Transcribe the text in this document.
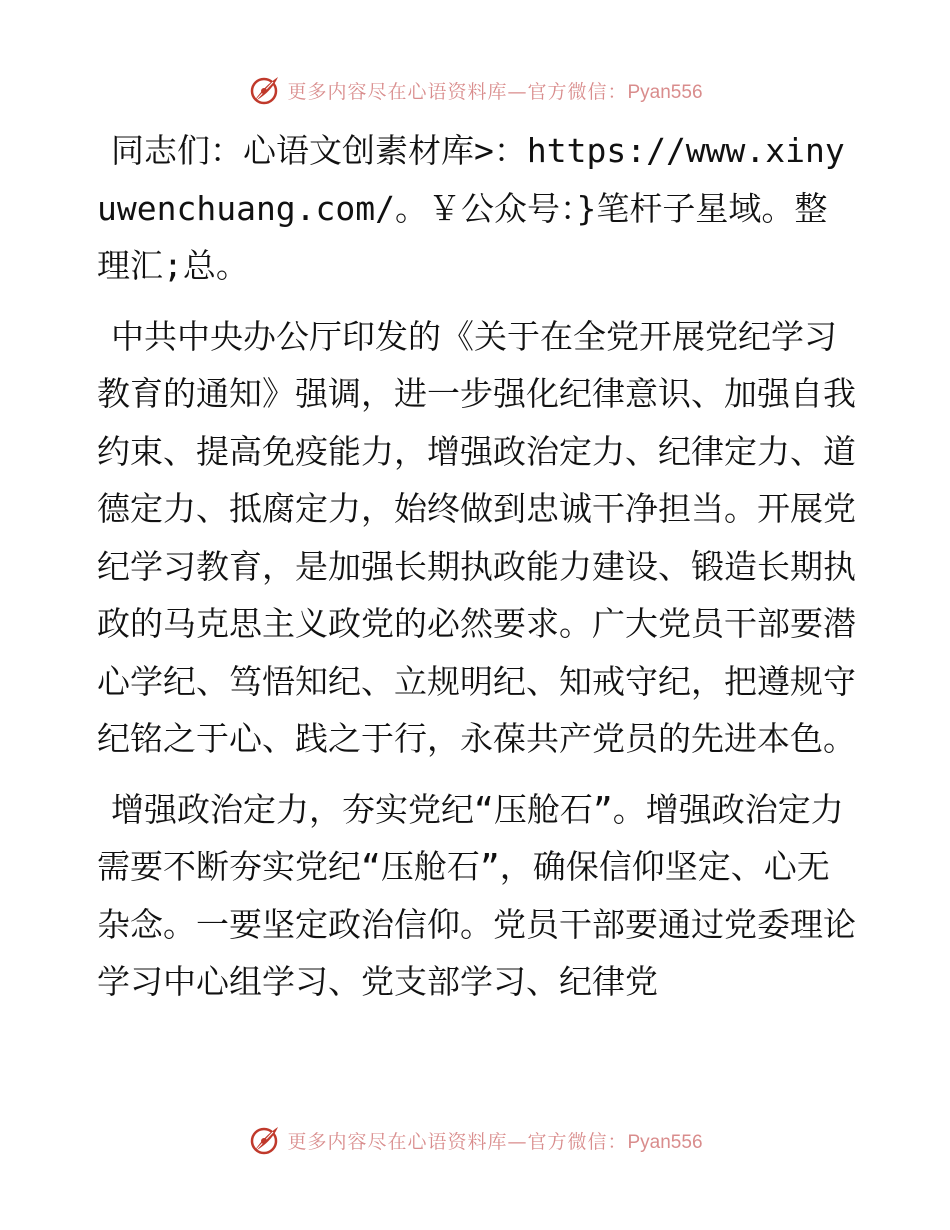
更多内容尽在心语资料库—官方微信：Pyan556

同志们：心语文创素材库>：https://www.xinyuwenchuang.com/。￥公众号：}笔杆子星域。整理汇;总。

中共中央办公厅印发的《关于在全党开展党纪学习教育的通知》强调，进一步强化纪律意识、加强自我约束、提高免疫能力，增强政治定力、纪律定力、道德定力、抵腐定力，始终做到忠诚干净担当。开展党纪学习教育，是加强长期执政能力建设、锻造长期执政的马克思主义政党的必然要求。广大党员干部要潜心学纪、笃悟知纪、立规明纪、知戒守纪，把遵规守纪铭之于心、践之于行，永葆共产党员的先进本色。

增强政治定力，夯实党纪“压舱石”。增强政治定力需要不断夯实党纪“压舱石”，确保信仰坚定、心无杂念。一要坚定政治信仰。党员干部要通过党委理论学习中心组学习、党支部学习、纪律党

更多内容尽在心语资料库—官方微信：Pyan556
